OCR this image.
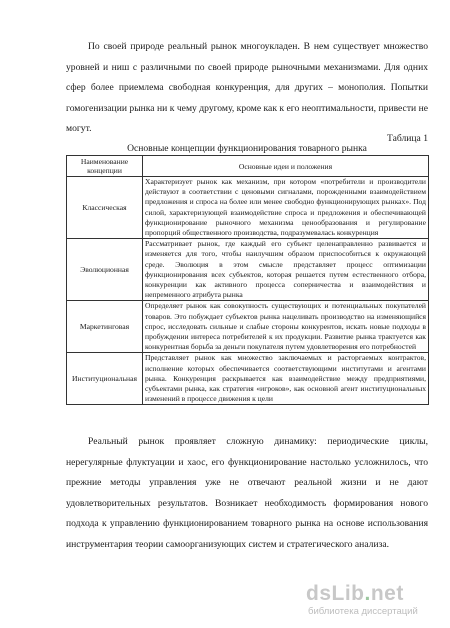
По своей природе реальный рынок многоукладен. В нем существует множество уровней и ниш с различными по своей природе рыночными механизмами. Для одних сфер более приемлема свободная конкуренция, для других – монополия. Попытки гомогенизации рынка ни к чему другому, кроме как к его неоптимальности, привести не могут.

Таблица 1

Основные концепции функционирования товарного рынка

Наименование концепции	Основные идеи и положения
Классическая	Характеризует рынок как механизм, при котором «потребители и производители действуют в соответствии с ценовыми сигналами, порожденными взаимодействием предложения и спроса на более или менее свободно функционирующих рынках». Под силой, характеризующей взаимодействие спроса и предложения и обеспечивающей функционирование рыночного механизма ценообразования и регулирование пропорций общественного производства, подразумевалась конкуренция
Эволюционная	Рассматривает рынок, где каждый его субъект целенаправленно развивается и изменяется для того, чтобы наилучшим образом приспособиться к окружающей среде. Эволюция в этом смысле представляет процесс оптимизации функционирования всех субъектов, которая решается путем естественного отбора, конкуренции как активного процесса соперничества и взаимодействия и непременного атрибута рынка
Маркетинговая	Определяет рынок как совокупность существующих и потенциальных покупателей товаров. Это побуждает субъектов рынка нацеливать производство на изменяющийся спрос, исследовать сильные и слабые стороны конкурентов, искать новые подходы в пробуждении интереса потребителей к их продукции. Развитие рынка трактуется как конкурентная борьба за деньги покупателя путем удовлетворения его потребностей
Институциональная	Представляет рынок как множество заключаемых и расторгаемых контрактов, исполнение которых обеспечивается соответствующими институтами и агентами рынка. Конкуренция раскрывается как взаимодействие между предприятиями, субъектами рынка, как стратегия «игроков», как основной агент институциональных изменений в процессе движения к цели

Реальный рынок проявляет сложную динамику: периодические циклы, нерегулярные флуктуации и хаос, его функционирование настолько усложнилось, что прежние методы управления уже не отвечают реальной жизни и не дают удовлетворительных результатов. Возникает необходимость формирования нового подхода к управлению функционированием товарного рынка на основе использования инструментария теории самоорганизующих систем и стратегического анализа.

dsLib.net
библиотека диссертаций
